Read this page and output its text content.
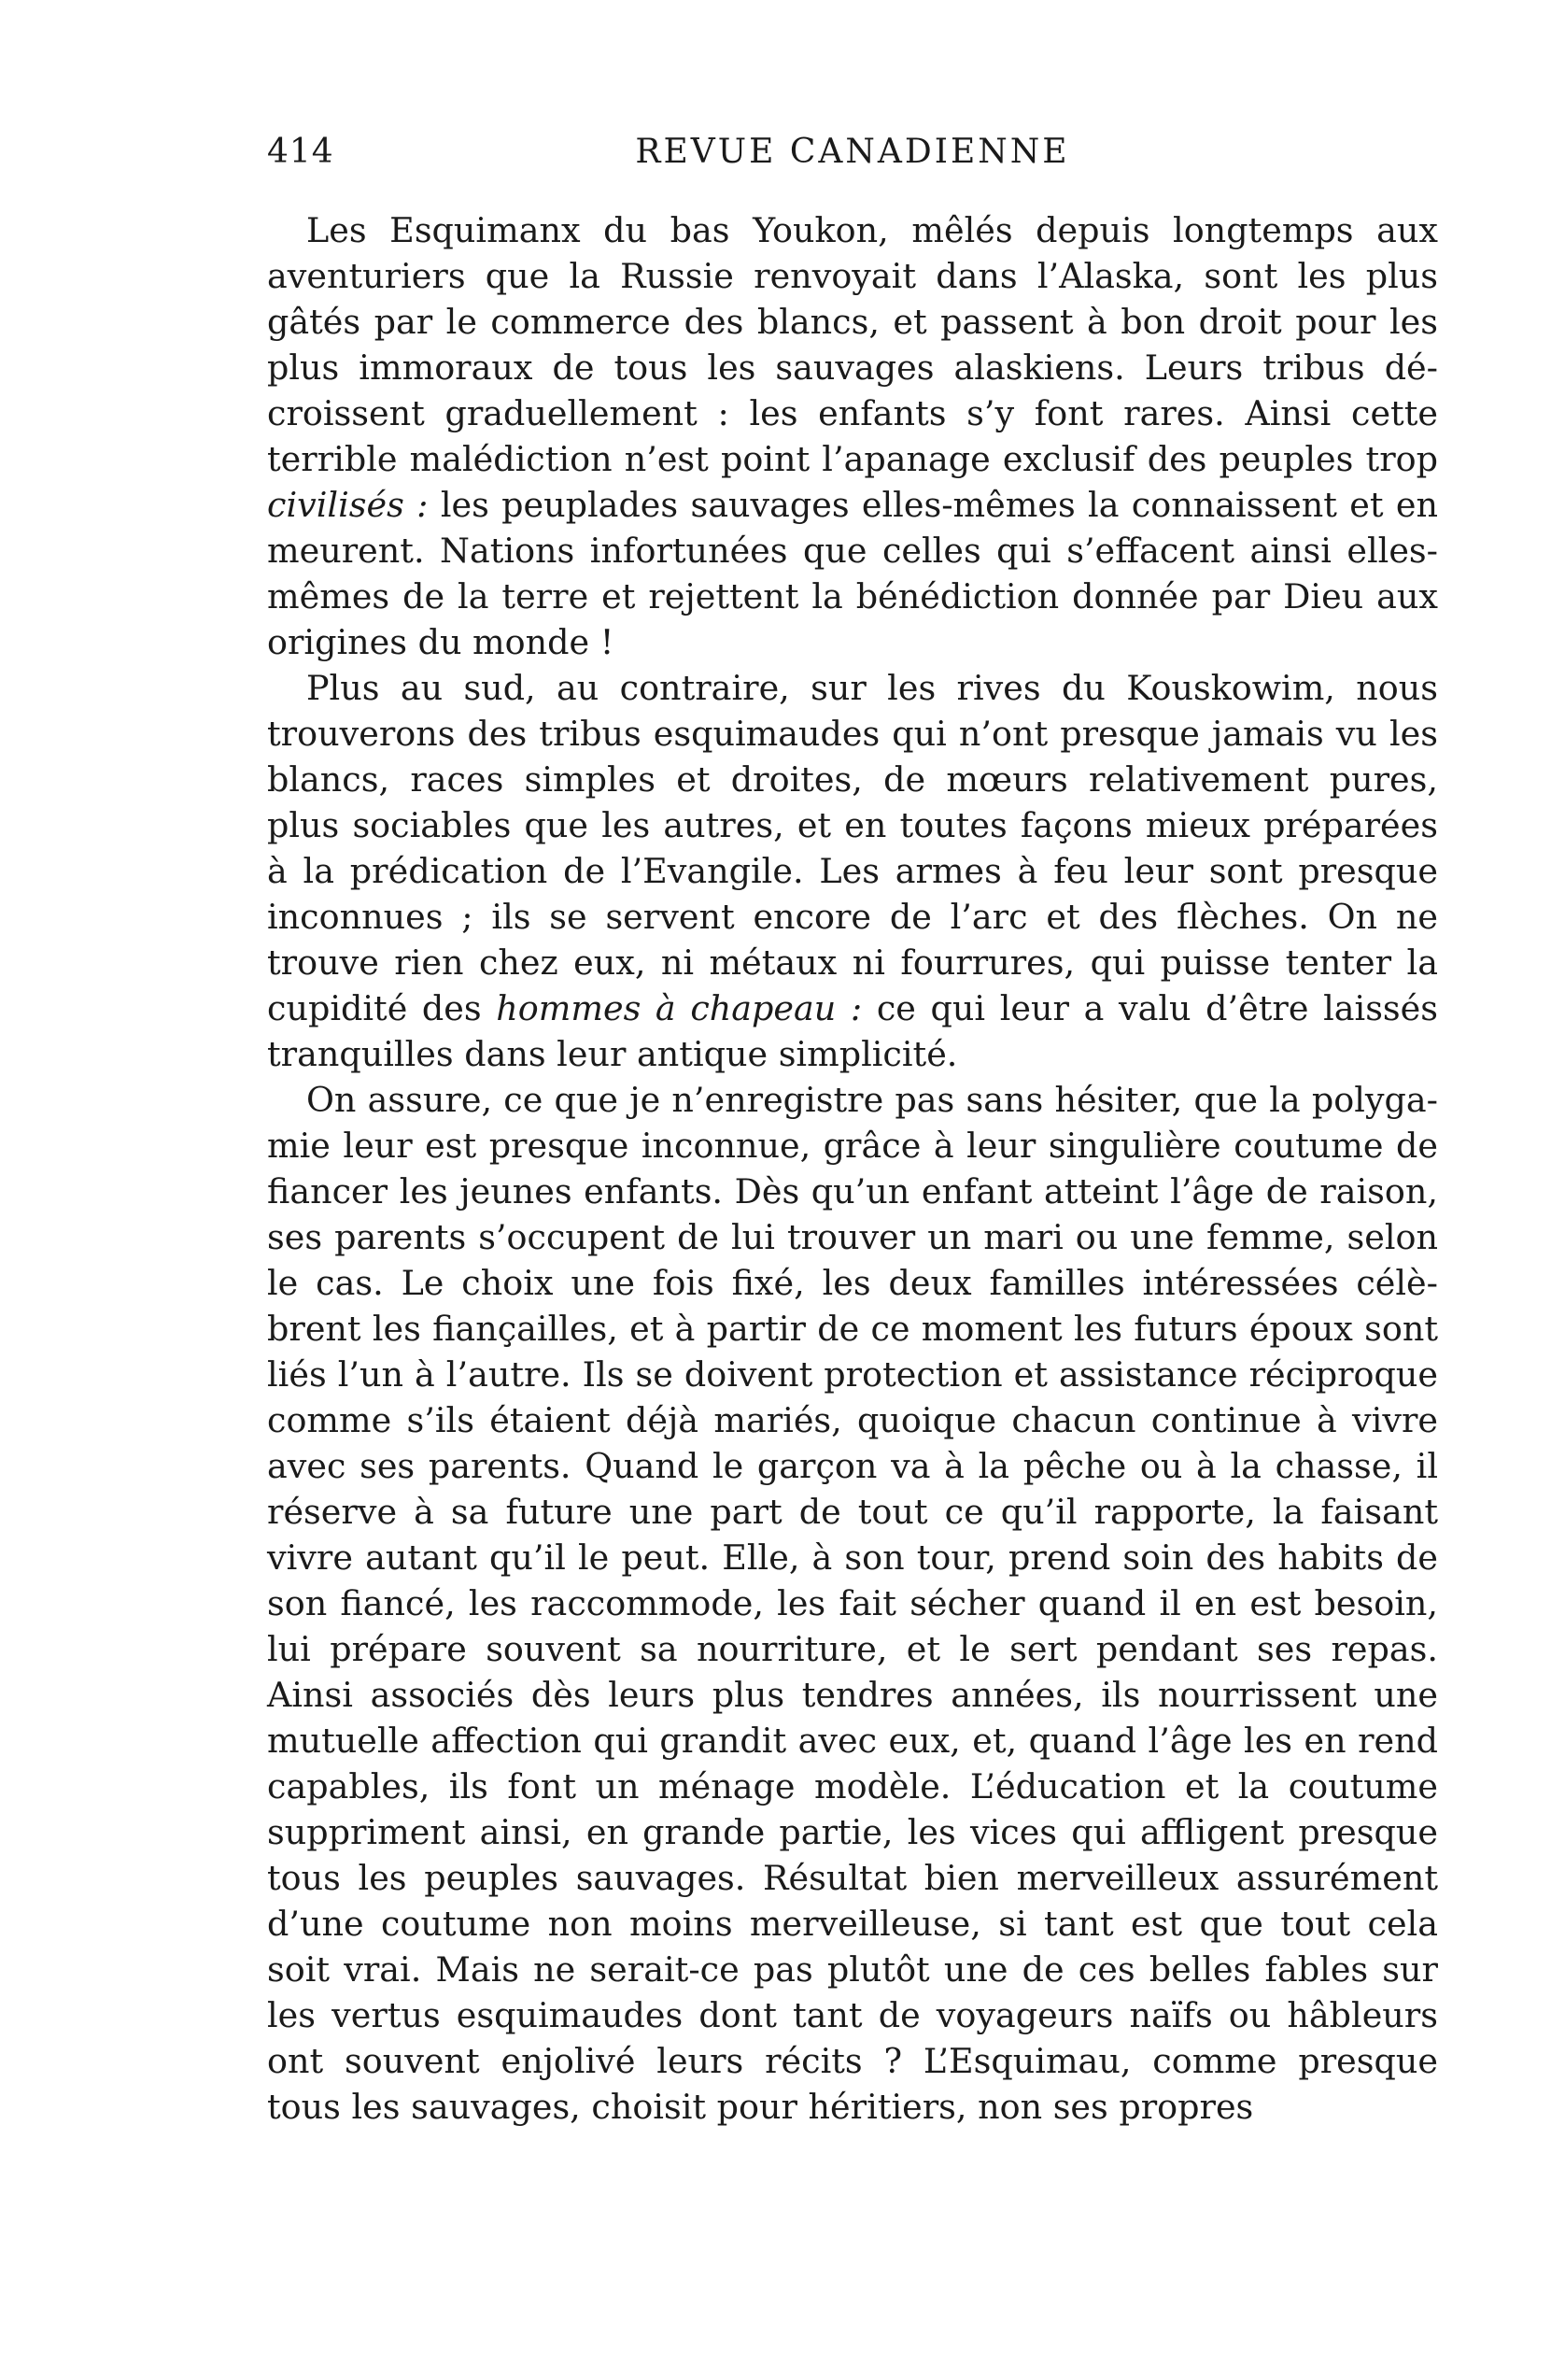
414	REVUE CANADIENNE

Les Esquimanx du bas Youkon, mêlés depuis longtemps aux aventuriers que la Russie renvoyait dans l’Alaska, sont les plus gâtés par le commerce des blancs, et passent à bon droit pour les plus immoraux de tous les sauvages alaskiens. Leurs tribus décroissent graduellement : les enfants s’y font rares. Ainsi cette terrible malédiction n’est point l’apanage exclusif des peuples trop civilisés : les peuplades sauvages elles-mêmes la connaissent et en meurent. Nations infortunées que celles qui s’effacent ainsi elles-mêmes de la terre et rejettent la bénédiction donnée par Dieu aux origines du monde !

Plus au sud, au contraire, sur les rives du Kouskowim, nous trouverons des tribus esquimaudes qui n’ont presque jamais vu les blancs, races simples et droites, de mœurs relativement pures, plus sociables que les autres, et en toutes façons mieux préparées à la prédication de l’Evangile. Les armes à feu leur sont presque inconnues ; ils se servent encore de l’arc et des flèches. On ne trouve rien chez eux, ni métaux ni fourrures, qui puisse tenter la cupidité des hommes à chapeau : ce qui leur a valu d’être laissés tranquilles dans leur antique simplicité.

On assure, ce que je n’enregistre pas sans hésiter, que la polygamie leur est presque inconnue, grâce à leur singulière coutume de fiancer les jeunes enfants. Dès qu’un enfant atteint l’âge de raison, ses parents s’occupent de lui trouver un mari ou une femme, selon le cas. Le choix une fois fixé, les deux familles intéressées célèbrent les fiançailles, et à partir de ce moment les futurs époux sont liés l’un à l’autre. Ils se doivent protection et assistance réciproque comme s’ils étaient déjà mariés, quoique chacun continue à vivre avec ses parents. Quand le garçon va à la pêche ou à la chasse, il réserve à sa future une part de tout ce qu’il rapporte, la faisant vivre autant qu’il le peut. Elle, à son tour, prend soin des habits de son fiancé, les raccommode, les fait sécher quand il en est besoin, lui prépare souvent sa nourriture, et le sert pendant ses repas. Ainsi associés dès leurs plus tendres années, ils nourrissent une mutuelle affection qui grandit avec eux, et, quand l’âge les en rend capables, ils font un ménage modèle. L’éducation et la coutume suppriment ainsi, en grande partie, les vices qui affligent presque tous les peuples sauvages. Résultat bien merveilleux assurément d’une coutume non moins merveilleuse, si tant est que tout cela soit vrai. Mais ne serait-ce pas plutôt une de ces belles fables sur les vertus esquimaudes dont tant de voyageurs naïfs ou hâbleurs ont souvent enjolivé leurs récits ? L’Esquimau, comme presque tous les sauvages, choisit pour héritiers, non ses propres
